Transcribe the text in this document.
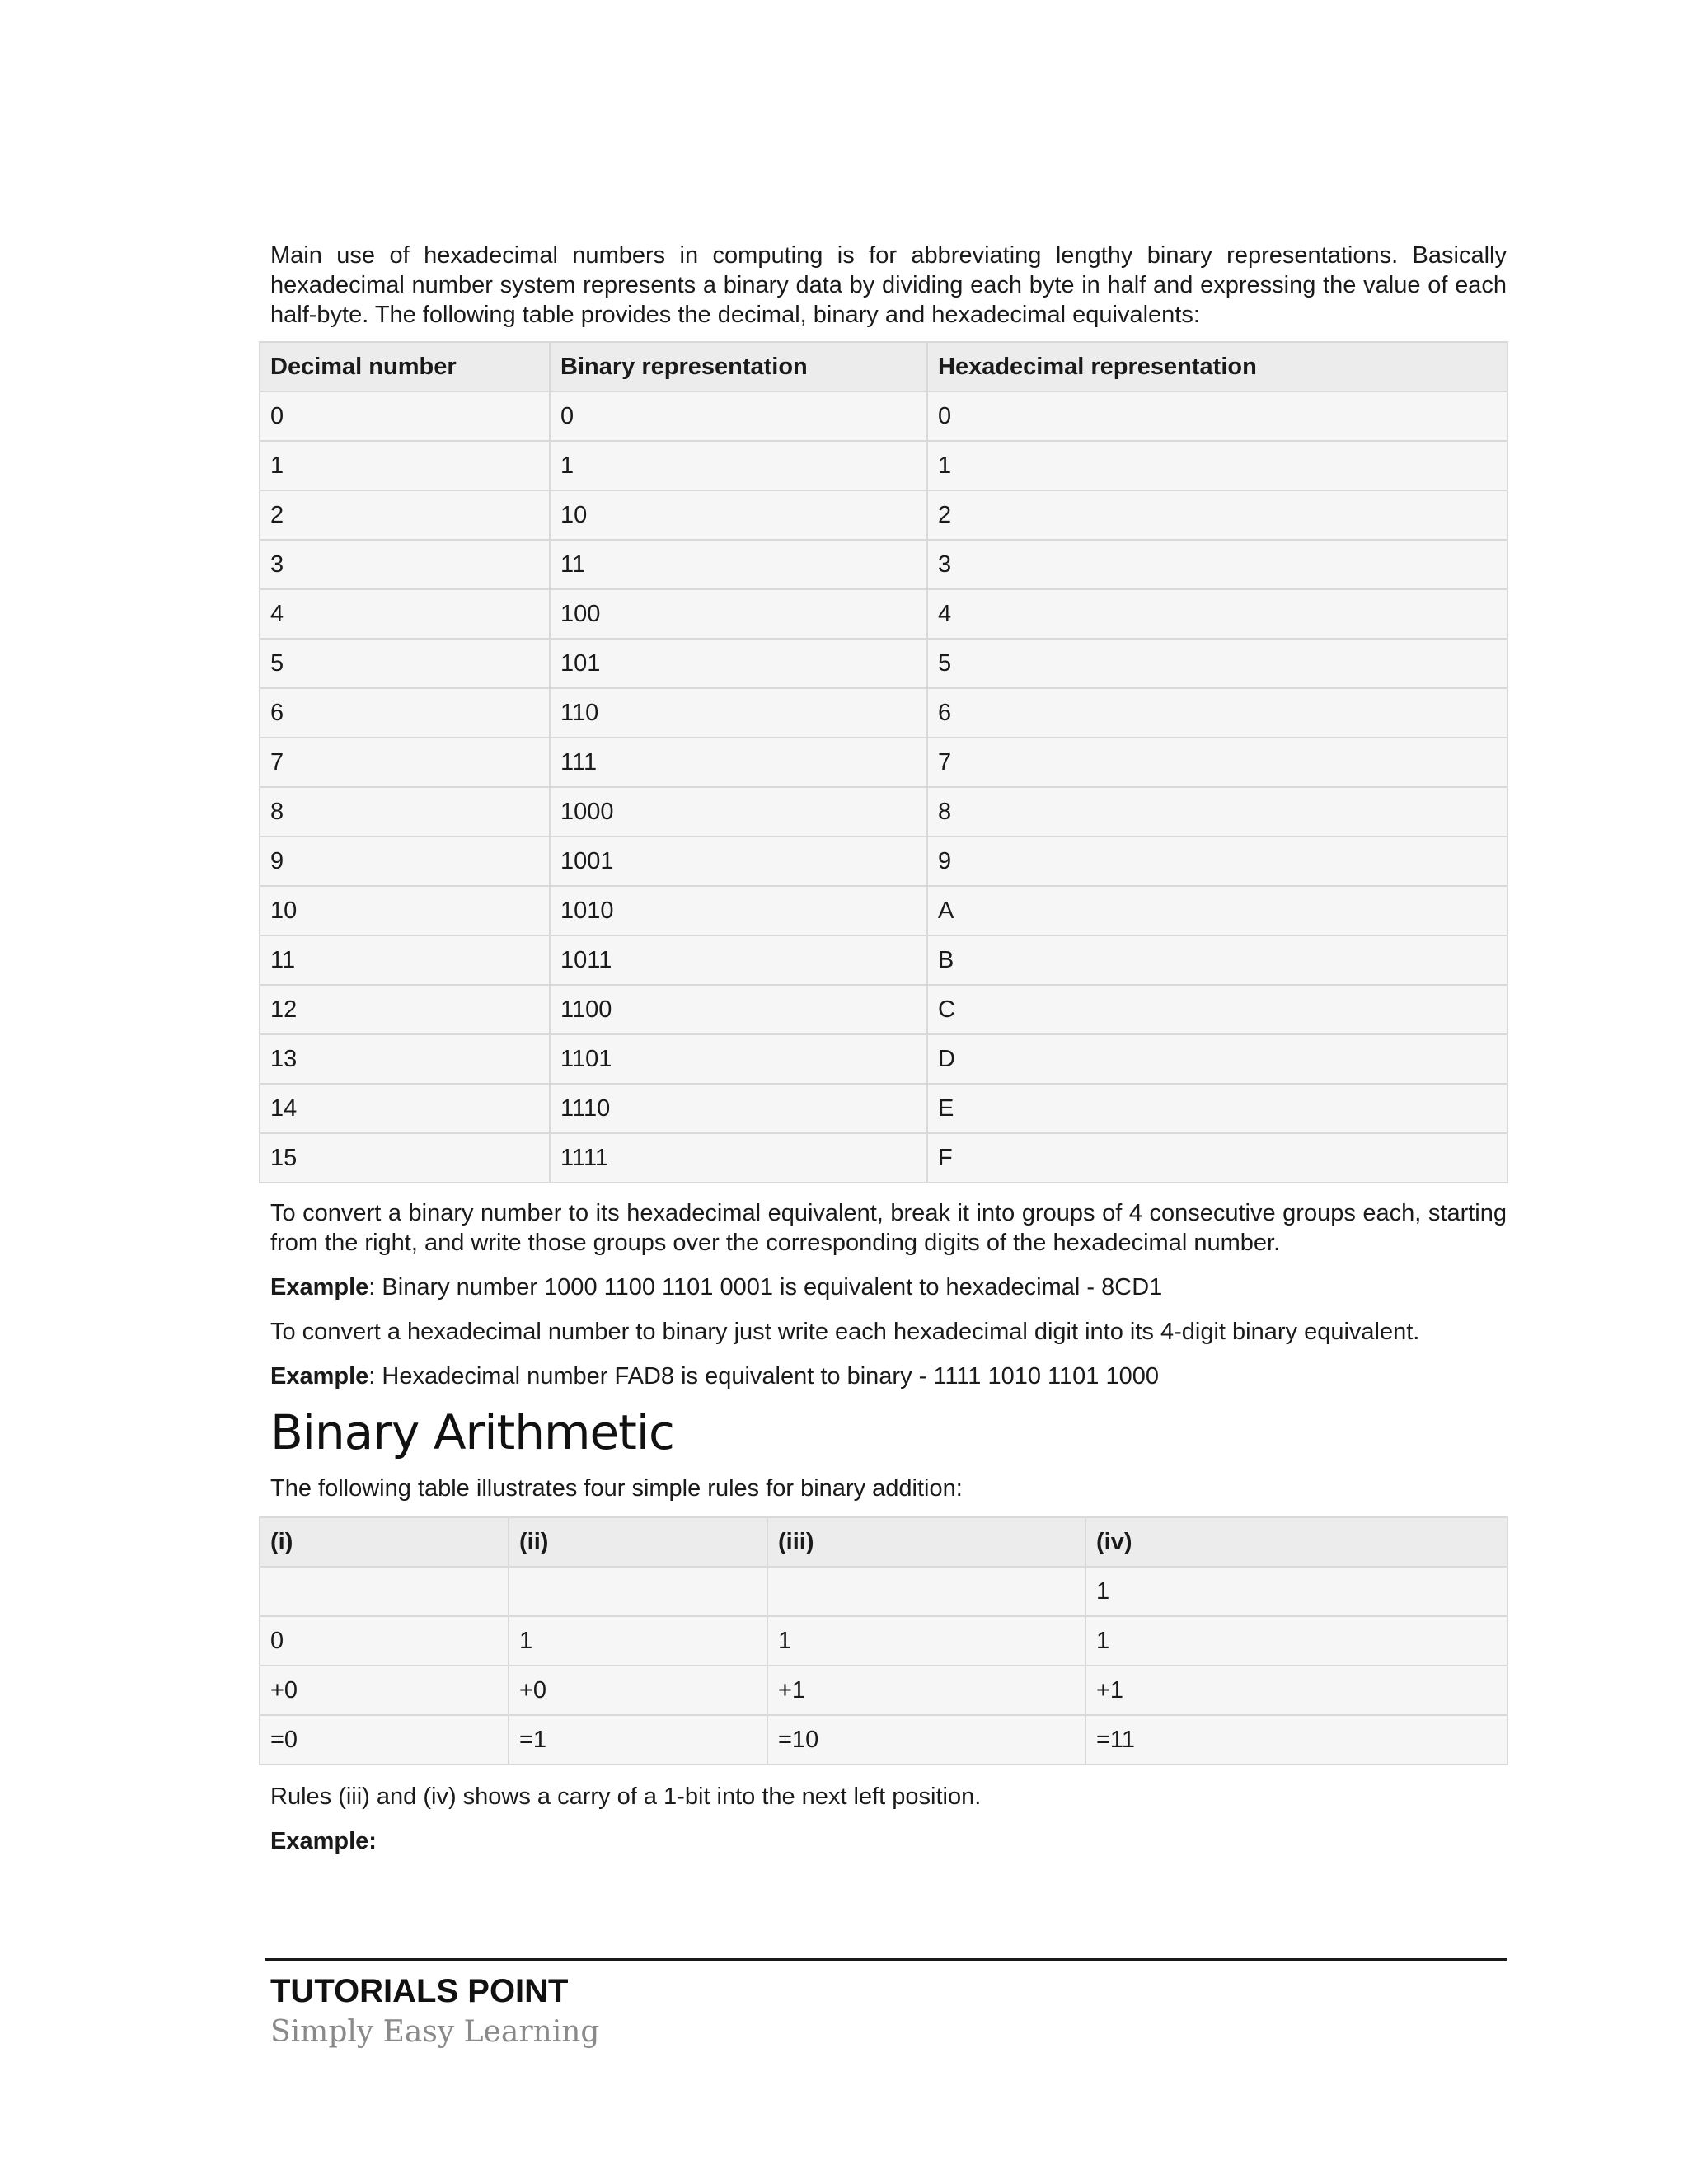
Main use of hexadecimal numbers in computing is for abbreviating lengthy binary representations. Basically hexadecimal number system represents a binary data by dividing each byte in half and expressing the value of each half-byte. The following table provides the decimal, binary and hexadecimal equivalents:

Decimal number	Binary representation	Hexadecimal representation
0	0	0
1	1	1
2	10	2
3	11	3
4	100	4
5	101	5
6	110	6
7	111	7
8	1000	8
9	1001	9
10	1010	A
11	1011	B
12	1100	C
13	1101	D
14	1110	E
15	1111	F

To convert a binary number to its hexadecimal equivalent, break it into groups of 4 consecutive groups each, starting from the right, and write those groups over the corresponding digits of the hexadecimal number.

Example: Binary number 1000 1100 1101 0001 is equivalent to hexadecimal - 8CD1

To convert a hexadecimal number to binary just write each hexadecimal digit into its 4-digit binary equivalent.

Example: Hexadecimal number FAD8 is equivalent to binary - 1111 1010 1101 1000

Binary Arithmetic

The following table illustrates four simple rules for binary addition:

(i)	(ii)	(iii)	(iv)
			1
0	1	1	1
+0	+0	+1	+1
=0	=1	=10	=11

Rules (iii) and (iv) shows a carry of a 1-bit into the next left position.

Example:

TUTORIALS POINT
Simply Easy Learning
